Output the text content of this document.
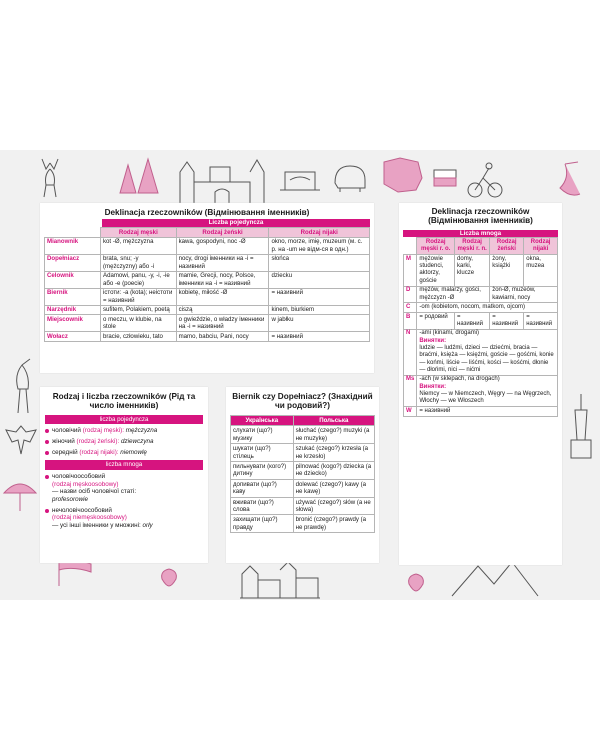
Deklinacja rzeczowników (Відмінювання іменників)
Liczba pojedyncza
	Rodzaj męski	Rodzaj żeński	Rodzaj nijaki
Mianownik	kot -Ø, mężczyzna	kawa, gospodyni, noc -Ø	okno, morze, imię, muzeum (м. с. р. на -um не відм-ся в одн.)
Dopełniacz	brata, snu; -у (mężczyzny) або -і	nocy, drogi іменники на -і = називний	słońca
Celownik	Adamowi, panu, -у, -і, -іе або -е (poecie)	mamie, Grecji, nocy, Polsce, іменники на -і = називний	dziecku
Biernik	істоти: -a (kota); неістоти = називний	kobietę, miłość -Ø	= називний
Narzędnik	sufitem, Polakiem, poetą	ciszą	kinem, biurkiem
Miejscownik	o meczu, w klubie, na stole	o gwieździe, o władzy іменники на -і = називний	w jabłku
Wołacz	bracie, człowieku, tato	mamo, babciu, Pani, nocy	= називний
Deklinacja rzeczowników (Відмінювання іменників)
Liczba mnoga
	Rodzaj męski r. o.	Rodzaj męski r. n.	Rodzaj żeński	Rodzaj nijaki
M	mężowie studenci, aktorzy, goście	domy, karki, klucze	żony, książki	okna, muzea
D	mężów, malarzy, gości, mężczyzn -Ø		żon-Ø, muzeów, kawiarni, nocy	
C	-om (kobietom, nocom, matkom, ojcom)			
B	= родовий	= називний	= називний	= називний
N	-ami (kinami, drogami)
Винятки:
ludzie — ludźmi, dzieci — dziećmi, bracia — braćmi, księża — księżmi, goście — gośćmi, konie — końmi, liście — liśćmi, kości — kośćmi, dłonie — dłońmi, nici — nićmi			

Ms	-ach (w sklepach, na drogach)
Винятки:
Niemcy — w Niemczech, Węgry — na Węgrzech, Włochy — we Włoszech			

W	= називний			
Rodzaj i liczba rzeczowników (Рід та число іменників)
liczba pojedyncza
чоловічий (rodzaj męski): mężczyzna
жіночий (rodzaj żeński): dziewczyna
середній (rodzaj nijaki): niemowlę
liczba mnoga
чоловічоособовий
(rodzaj męskoosobowy)
— назви осіб чоловічої статі:
profesorowie
нечоловічоособовий
(rodzaj niemęskoosobowy)
— усі інші іменники у множині: orły
Biernik czy Dopełniacz? (Знахідний чи родовий?)
Українська	Польська
слухати (що?) музику	słuchać (czego?) muzyki (а не muzykę)
шукати (що?) стілець	szukać (czego?) krzesła (а не krzesło)
пильнувати (кого?) дитину	pilnować (kogo?) dziecka (а не dziecko)
допивати (що?) каву	dolewać (czego?) kawy (а не kawę)
вживати (що?) слова	używać (czego?) słów (а не słowa)
захищати (що?) правду	bronić (czego?) prawdy (а не prawdę)
